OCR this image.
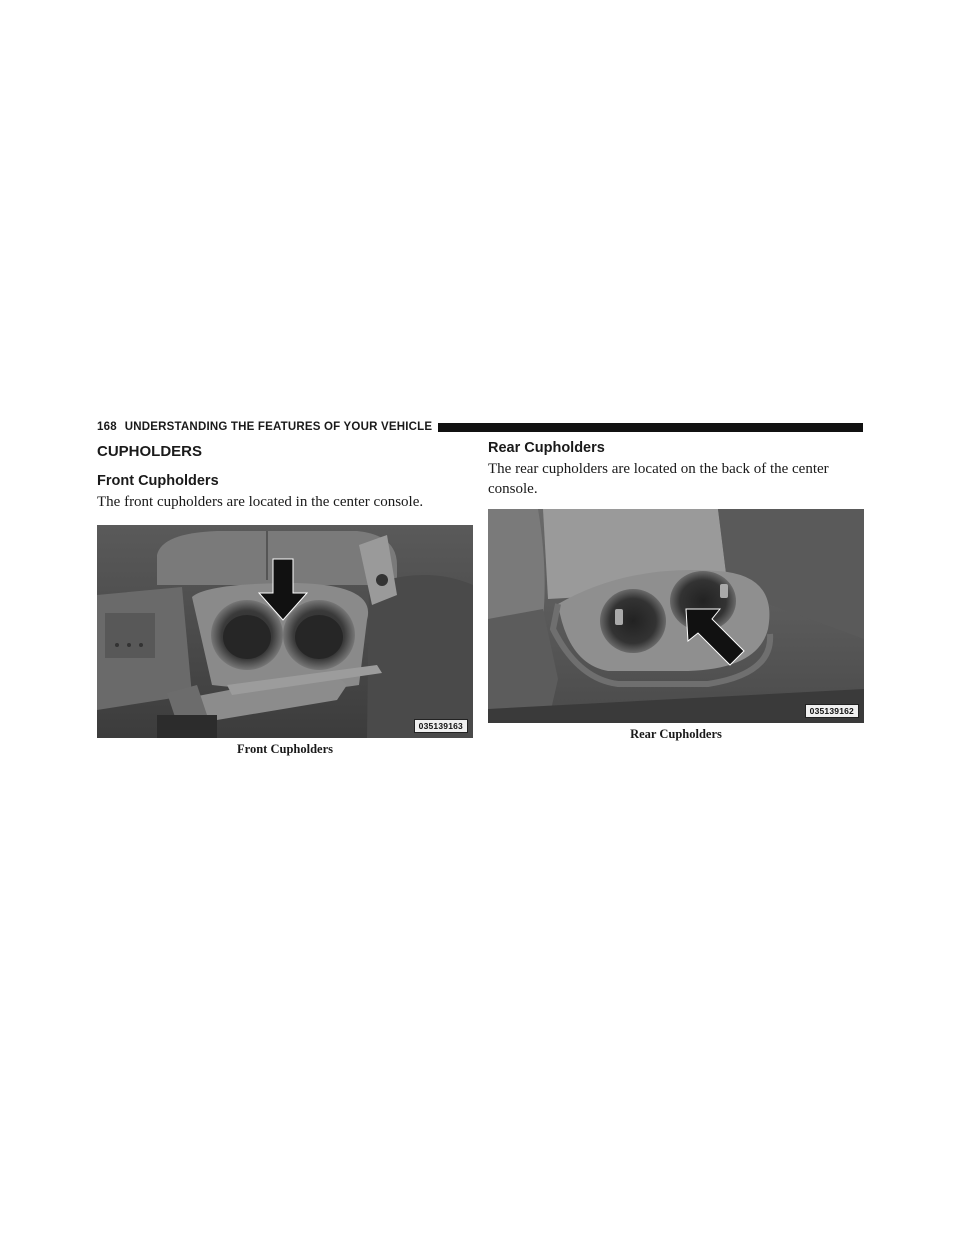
168 UNDERSTANDING THE FEATURES OF YOUR VEHICLE
CUPHOLDERS
Front Cupholders

The front cupholders are located in the center console.

035139163
Front Cupholders
Rear Cupholders

The rear cupholders are located on the back of the center console.

035139162
Rear Cupholders
